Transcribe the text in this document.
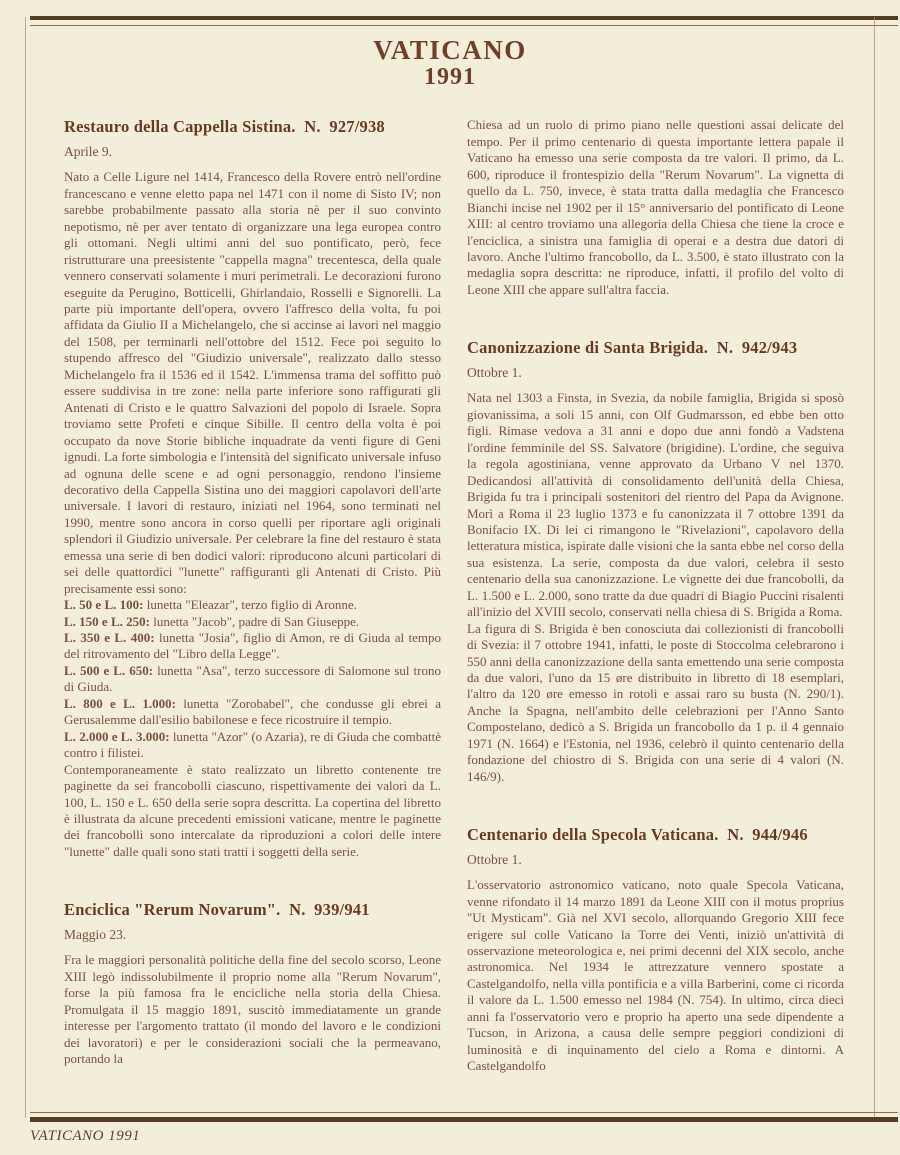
VATICANO
1991
Restauro della Cappella Sistina.  N.  927/938

Aprile 9.

Nato a Celle Ligure nel 1414, Francesco della Rovere entrò nell'ordine francescano e venne eletto papa nel 1471 con il nome di Sisto IV; non sarebbe probabilmente passato alla storia nè per il suo convinto nepotismo, nè per aver tentato di organizzare una lega europea contro gli ottomani. Negli ultimi anni del suo pontificato, però, fece ristrutturare una preesistente "cappella magna" trecentesca, della quale vennero conservati solamente i muri perimetrali. Le decorazioni furono eseguite da Perugino, Botticelli, Ghirlandaio, Rosselli e Signorelli. La parte più importante dell'opera, ovvero l'affresco della volta, fu poi affidata da Giulio II a Michelangelo, che si accinse ai lavori nel maggio del 1508, per terminarli nell'ottobre del 1512. Fece poi seguito lo stupendo affresco del "Giudizio universale", realizzato dallo stesso Michelangelo fra il 1536 ed il 1542. L'immensa trama del soffitto può essere suddivisa in tre zone: nella parte inferiore sono raffigurati gli Antenati di Cristo e le quattro Salvazioni del popolo di Israele. Sopra troviamo sette Profeti e cinque Sibille. Il centro della volta è poi occupato da nove Storie bibliche inquadrate da venti figure di Geni ignudi. La forte simbologia e l'intensità del significato universale infuso ad ognuna delle scene e ad ogni personaggio, rendono l'insieme decorativo della Cappella Sistina uno dei maggiori capolavori dell'arte universale. I lavori di restauro, iniziati nel 1964, sono terminati nel 1990, mentre sono ancora in corso quelli per riportare agli originali splendori il Giudizio universale. Per celebrare la fine del restauro è stata emessa una serie di ben dodici valori: riproducono alcuni particolari di sei delle quattordici "lunette" raffiguranti gli Antenati di Cristo. Più precisamente essi sono:

L. 50 e L. 100: lunetta "Eleazar", terzo figlio di Aronne.

L. 150 e L. 250: lunetta "Jacob", padre di San Giuseppe.

L. 350 e L. 400: lunetta "Josia", figlio di Amon, re di Giuda al tempo del ritrovamento del "Libro della Legge".

L. 500 e L. 650: lunetta "Asa", terzo successore di Salomone sul trono di Giuda.

L. 800 e L. 1.000: lunetta "Zorobabel", che condusse gli ebrei a Gerusalemme dall'esilio babilonese e fece ricostruire il tempio.

L. 2.000 e L. 3.000: lunetta "Azor" (o Azaria), re di Giuda che combattè contro i filistei.

Contemporaneamente è stato realizzato un libretto contenente tre paginette da sei francobolli ciascuno, rispettivamente dei valori da L. 100, L. 150 e L. 650 della serie sopra descritta. La copertina del libretto è illustrata da alcune precedenti emissioni vaticane, mentre le paginette dei francobolli sono intercalate da riproduzioni a colori delle intere "lunette" dalle quali sono stati tratti i soggetti della serie.

Enciclica "Rerum Novarum".  N.  939/941

Maggio 23.

Fra le maggiori personalità politiche della fine del secolo scorso, Leone XIII legò indissolubilmente il proprio nome alla "Rerum Novarum", forse la più famosa fra le encicliche nella storia della Chiesa. Promulgata il 15 maggio 1891, suscitò immediatamente un grande interesse per l'argomento trattato (il mondo del lavoro e le condizioni dei lavoratori) e per le considerazioni sociali che la permeavano, portando la

Chiesa ad un ruolo di primo piano nelle questioni assai delicate del tempo. Per il primo centenario di questa importante lettera papale il Vaticano ha emesso una serie composta da tre valori. Il primo, da L. 600, riproduce il frontespizio della "Rerum Novarum". La vignetta di quello da L. 750, invece, è stata tratta dalla medaglia che Francesco Bianchi incise nel 1902 per il 15° anniversario del pontificato di Leone XIII: al centro troviamo una allegoria della Chiesa che tiene la croce e l'enciclica, a sinistra una famiglia di operai e a destra due datori di lavoro. Anche l'ultimo francobollo, da L. 3.500, è stato illustrato con la medaglia sopra descritta: ne riproduce, infatti, il profilo del volto di Leone XIII che appare sull'altra faccia.

Canonizzazione di Santa Brigida.  N.  942/943

Ottobre 1.

Nata nel 1303 a Finsta, in Svezia, da nobile famiglia, Brigida si sposò giovanissima, a soli 15 anni, con Olf Gudmarsson, ed ebbe ben otto figli. Rimase vedova a 31 anni e dopo due anni fondò a Vadstena l'ordine femminile del SS. Salvatore (brigidine). L'ordine, che seguiva la regola agostiniana, venne approvato da Urbano V nel 1370. Dedicandosi all'attività di consolidamento dell'unità della Chiesa, Brigida fu tra i principali sostenitori del rientro del Papa da Avignone. Morì a Roma il 23 luglio 1373 e fu canonizzata il 7 ottobre 1391 da Bonifacio IX. Di lei ci rimangono le "Rivelazioni", capolavoro della letteratura mistica, ispirate dalle visioni che la santa ebbe nel corso della sua esistenza. La serie, composta da due valori, celebra il sesto centenario della sua canonizzazione. Le vignette dei due francobolli, da L. 1.500 e L. 2.000, sono tratte da due quadri di Biagio Puccini risalenti all'inizio del XVIII secolo, conservati nella chiesa di S. Brigida a Roma.

La figura di S. Brigida è ben conosciuta dai collezionisti di francobolli di Svezia: il 7 ottobre 1941, infatti, le poste di Stoccolma celebrarono i 550 anni della canonizzazione della santa emettendo una serie composta da due valori, l'uno da 15 øre distribuito in libretto di 18 esemplari, l'altro da 120 øre emesso in rotoli e assai raro su busta (N. 290/1). Anche la Spagna, nell'ambito delle celebrazioni per l'Anno Santo Compostelano, dedicò a S. Brigida un francobollo da 1 p. il 4 gennaio 1971 (N. 1664) e l'Estonia, nel 1936, celebrò il quinto centenario della fondazione del chiostro di S. Brigida con una serie di 4 valori (N. 146/9).

Centenario della Specola Vaticana.  N.  944/946

Ottobre 1.

L'osservatorio astronomico vaticano, noto quale Specola Vaticana, venne rifondato il 14 marzo 1891 da Leone XIII con il motus proprius "Ut Mysticam". Già nel XVI secolo, allorquando Gregorio XIII fece erigere sul colle Vaticano la Torre dei Venti, iniziò un'attività di osservazione meteorologica e, nei primi decenni del XIX secolo, anche astronomica. Nel 1934 le attrezzature vennero spostate a Castelgandolfo, nella villa pontificia e a villa Barberini, come ci ricorda il valore da L. 1.500 emesso nel 1984 (N. 754). In ultimo, circa dieci anni fa l'osservatorio vero e proprio ha aperto una sede dipendente a Tucson, in Arizona, a causa delle sempre peggiori condizioni di luminosità e di inquinamento del cielo a Roma e dintorni. A Castelgandolfo

VATICANO 1991
